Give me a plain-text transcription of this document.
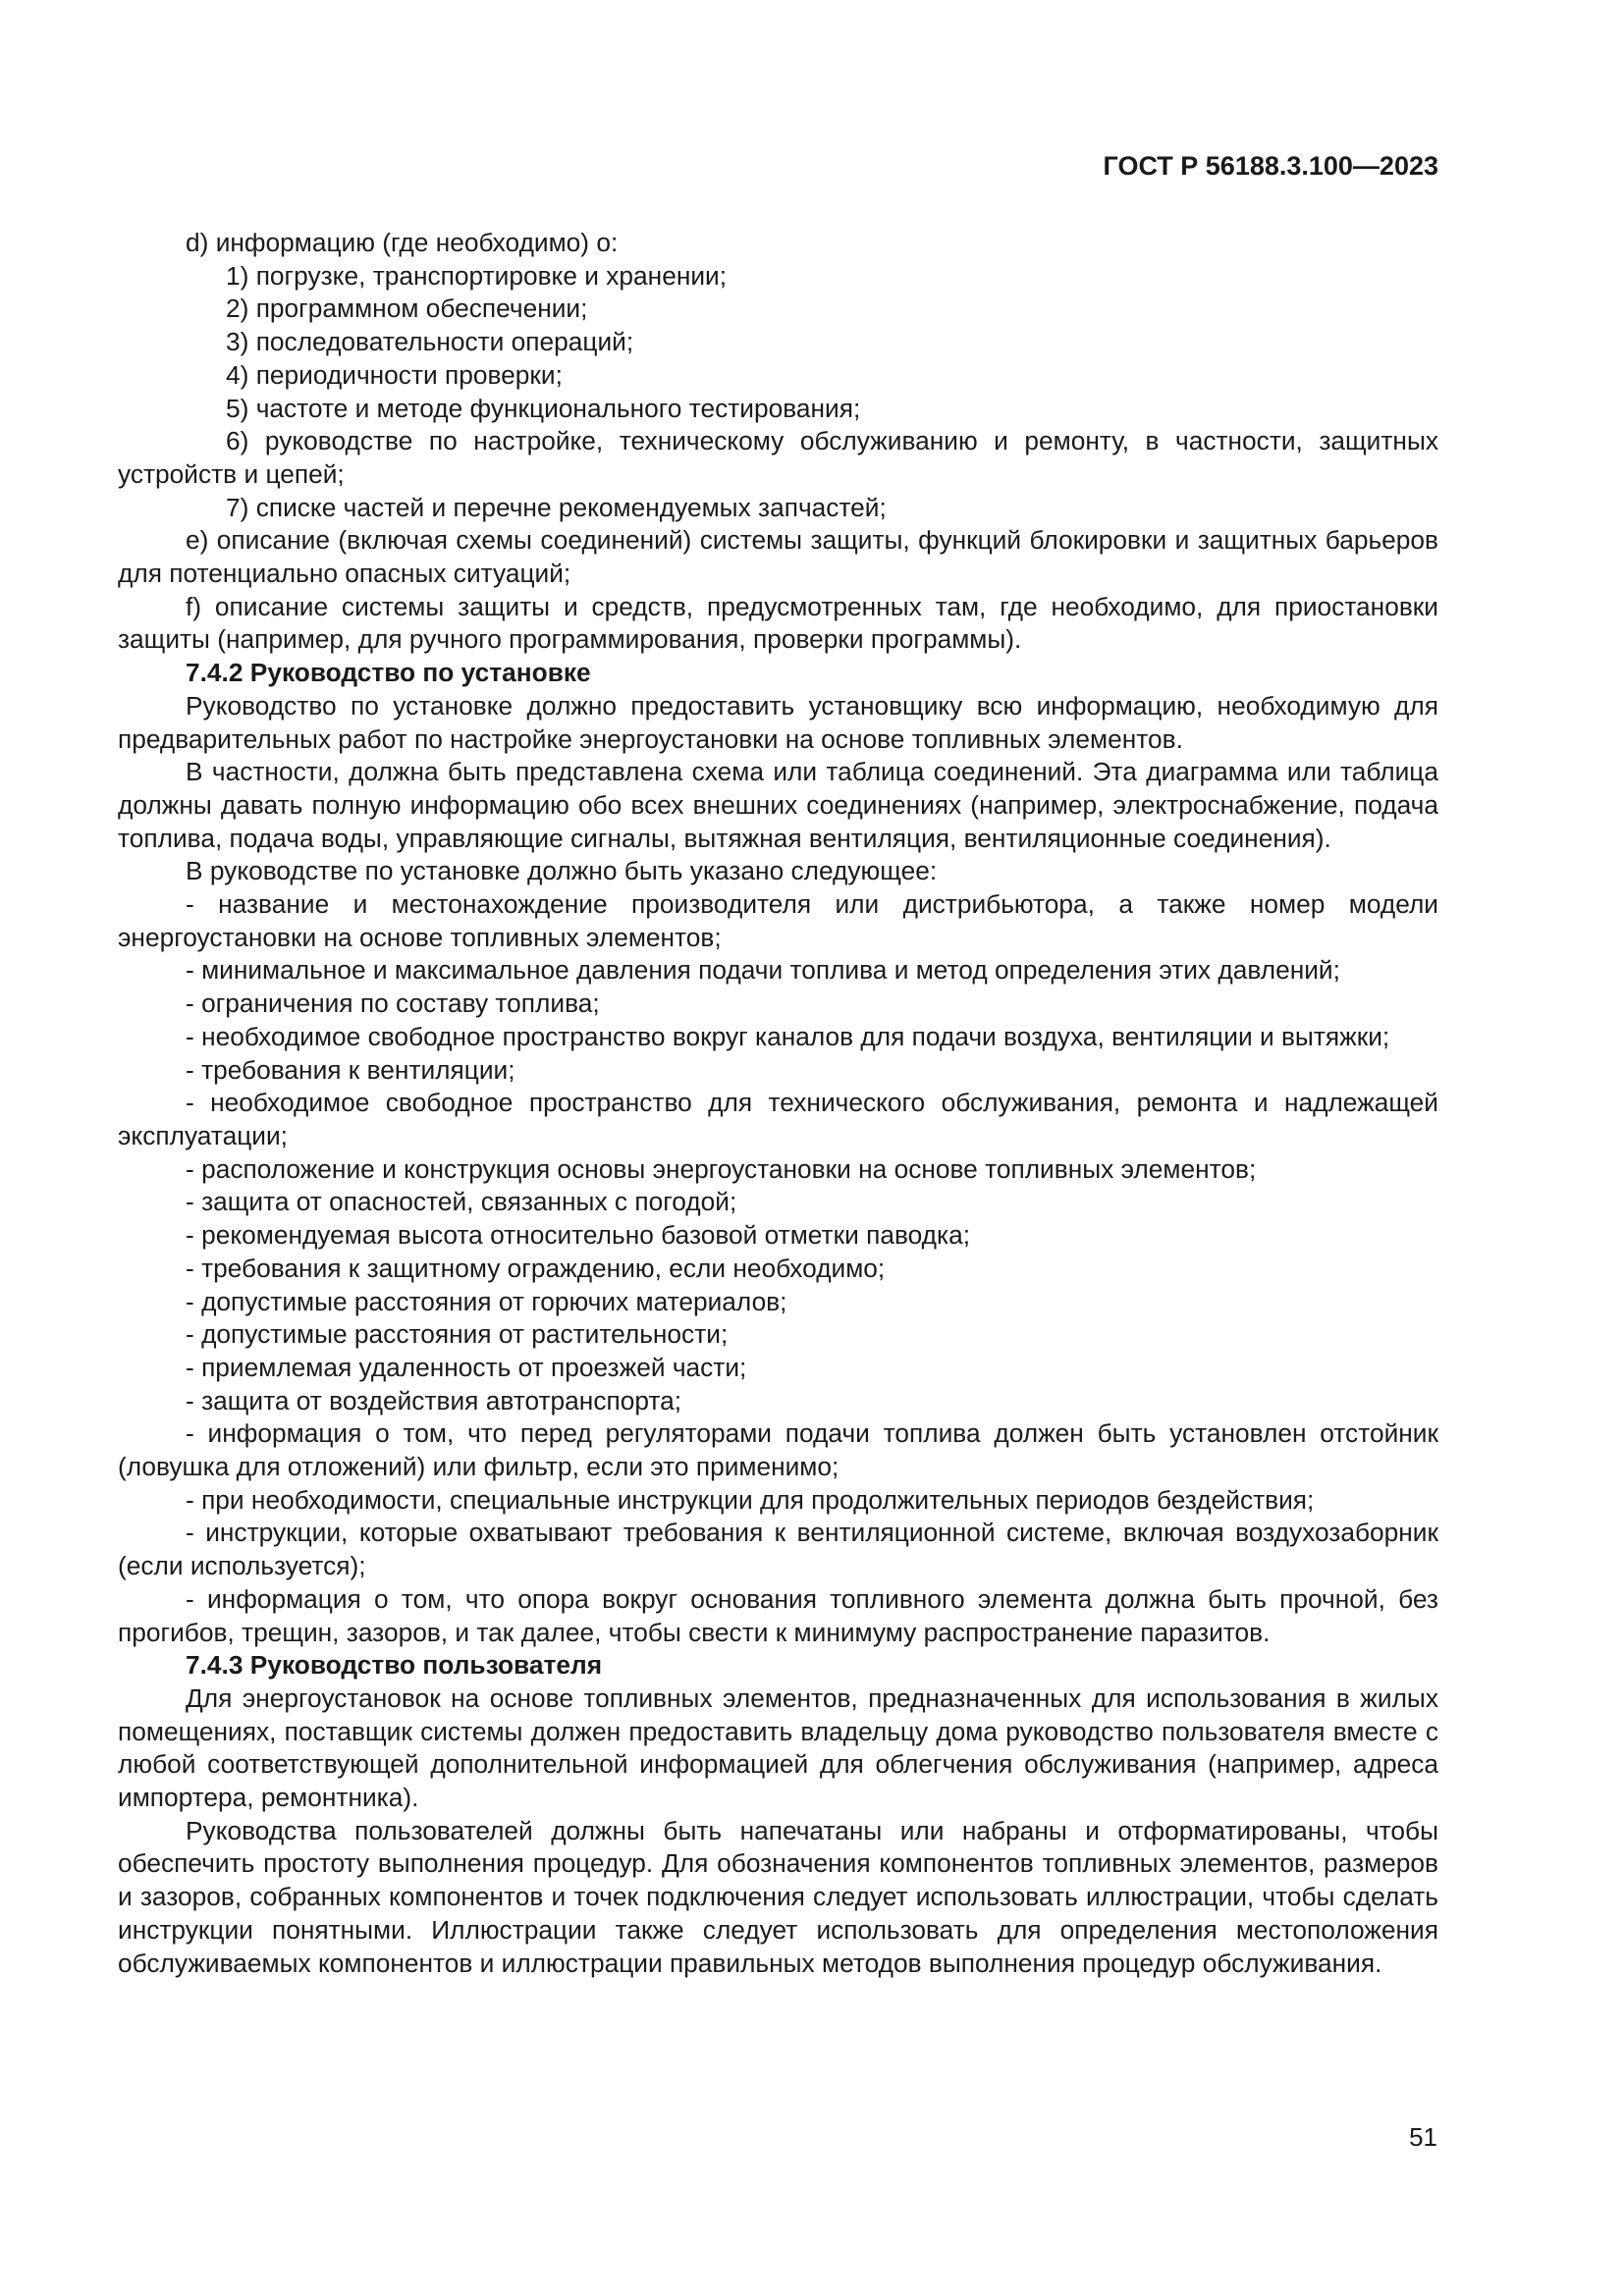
ГОСТ Р 56188.3.100—2023

d) информацию (где необходимо) о:

1) погрузке, транспортировке и хранении;

2) программном обеспечении;

3) последовательности операций;

4) периодичности проверки;

5) частоте и методе функционального тестирования;

6) руководстве по настройке, техническому обслуживанию и ремонту, в частности, защитных устройств и цепей;

7) списке частей и перечне рекомендуемых запчастей;

е) описание (включая схемы соединений) системы защиты, функций блокировки и защитных барьеров для потенциально опасных ситуаций;

f) описание системы защиты и средств, предусмотренных там, где необходимо, для приостановки защиты (например, для ручного программирования, проверки программы).

7.4.2 Руководство по установке

Руководство по установке должно предоставить установщику всю информацию, необходимую для предварительных работ по настройке энергоустановки на основе топливных элементов.

В частности, должна быть представлена схема или таблица соединений. Эта диаграмма или таблица должны давать полную информацию обо всех внешних соединениях (например, электроснабжение, подача топлива, подача воды, управляющие сигналы, вытяжная вентиляция, вентиляционные соединения).

В руководстве по установке должно быть указано следующее:

- название и местонахождение производителя или дистрибьютора, а также номер модели энергоустановки на основе топливных элементов;

- минимальное и максимальное давления подачи топлива и метод определения этих давлений;

- ограничения по составу топлива;

- необходимое свободное пространство вокруг каналов для подачи воздуха, вентиляции и вытяжки;

- требования к вентиляции;

- необходимое свободное пространство для технического обслуживания, ремонта и надлежащей эксплуатации;

- расположение и конструкция основы энергоустановки на основе топливных элементов;

- защита от опасностей, связанных с погодой;

- рекомендуемая высота относительно базовой отметки паводка;

- требования к защитному ограждению, если необходимо;

- допустимые расстояния от горючих материалов;

- допустимые расстояния от растительности;

- приемлемая удаленность от проезжей части;

- защита от воздействия автотранспорта;

- информация о том, что перед регуляторами подачи топлива должен быть установлен отстойник (ловушка для отложений) или фильтр, если это применимо;

- при необходимости, специальные инструкции для продолжительных периодов бездействия;

- инструкции, которые охватывают требования к вентиляционной системе, включая воздухозаборник (если используется);

- информация о том, что опора вокруг основания топливного элемента должна быть прочной, без прогибов, трещин, зазоров, и так далее, чтобы свести к минимуму распространение паразитов.

7.4.3 Руководство пользователя

Для энергоустановок на основе топливных элементов, предназначенных для использования в жилых помещениях, поставщик системы должен предоставить владельцу дома руководство пользователя вместе с любой соответствующей дополнительной информацией для облегчения обслуживания (например, адреса импортера, ремонтника).

Руководства пользователей должны быть напечатаны или набраны и отформатированы, чтобы обеспечить простоту выполнения процедур. Для обозначения компонентов топливных элементов, размеров и зазоров, собранных компонентов и точек подключения следует использовать иллюстрации, чтобы сделать инструкции понятными. Иллюстрации также следует использовать для определения местоположения обслуживаемых компонентов и иллюстрации правильных методов выполнения процедур обслуживания.

51
